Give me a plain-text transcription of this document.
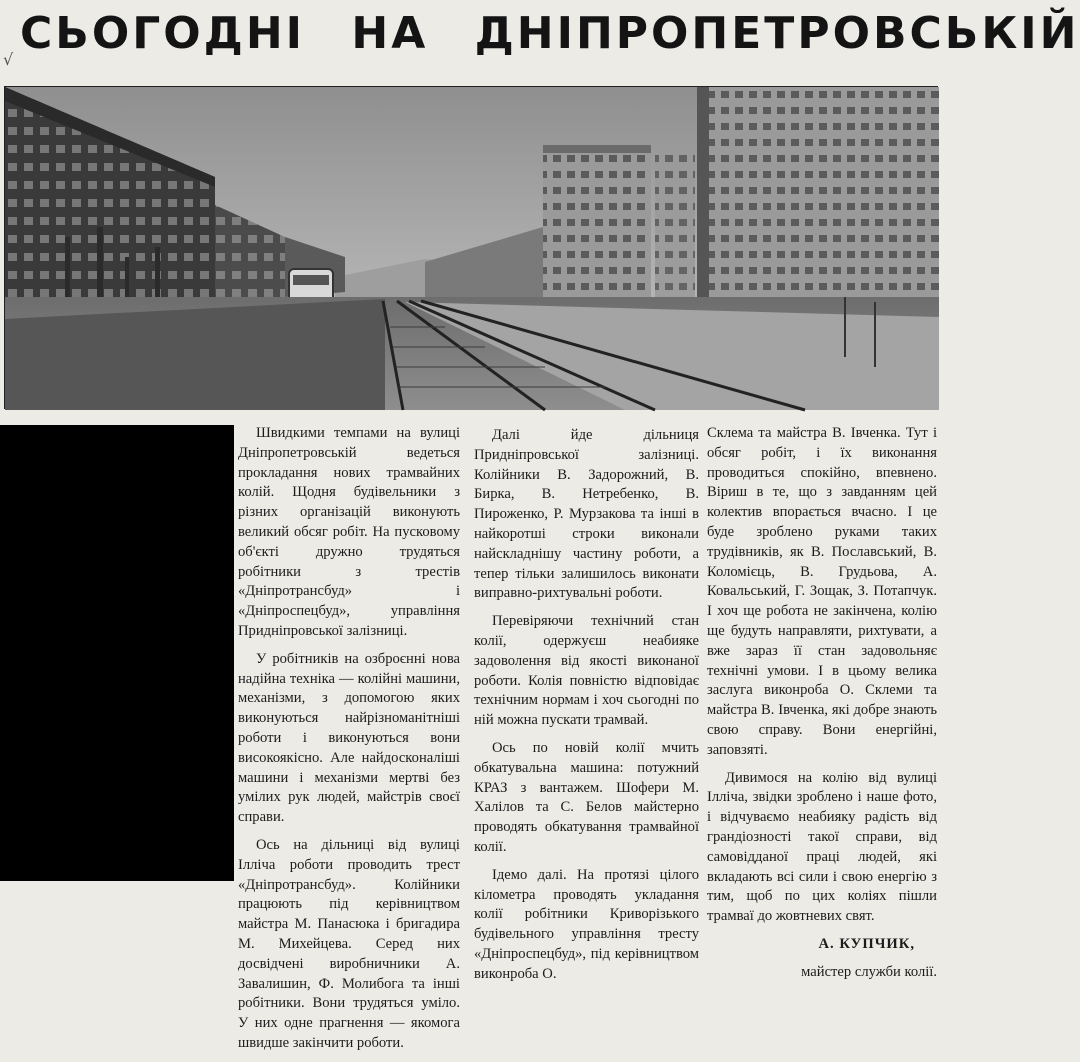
СЬОГОДНІ НА ДНІПРОПЕТРОВСЬКІЙ
√

Швидкими темпами на вулиці Дніпропетровській ведеться прокладання нових трамвайних колій. Щодня будівельники з різних організацій виконують великий обсяг робіт. На пусковому об'єкті дружно трудяться робітники з трестів «Дніпротрансбуд» і «Дніпроспецбуд», управління Придніпровської залізниці.

У робітників на озброєнні нова надійна техніка — колійні машини, механізми, з допомогою яких виконуються найрізноманітніші роботи і виконуються вони високоякісно. Але найдосконаліші машини і механізми мертві без умілих рук людей, майстрів своєї справи.

Ось на дільниці від вулиці Ілліча роботи проводить трест «Дніпротрансбуд». Колійники працюють під керівництвом майстра М. Панасюка і бригадира М. Михейцева. Серед них досвідчені виробничники А. Завалишин, Ф. Молибога та інші робітники. Вони трудяться уміло. У них одне прагнення — якомога швидше закінчити роботи.

Далі йде дільниця Придніпровської залізниці. Колійники В. Задорожний, В. Бирка, В. Нетребенко, В. Пироженко, Р. Мурзакова та інші в найкоротші строки виконали найскладнішу частину роботи, а тепер тільки залишилось виконати виправно-рихтувальні роботи.

Перевіряючи технічний стан колії, одержуєш неабияке задоволення від якості виконаної роботи. Колія повністю відповідає технічним нормам і хоч сьогодні по ній можна пускати трамвай.

Ось по новій колії мчить обкатувальна машина: потужний КРАЗ з вантажем. Шофери М. Халілов та С. Белов майстерно проводять обкатування трамвайної колії.

Ідемо далі. На протязі цілого кілометра проводять укладання колії робітники Криворізького будівельного управління тресту «Дніпроспецбуд», під керівництвом виконроба О.

Склема та майстра В. Івченка. Тут і обсяг робіт, і їх виконання проводиться спокійно, впевнено. Віриш в те, що з завданням цей колектив впорається вчасно. І це буде зроблено руками таких трудівників, як В. Пославський, В. Коломієць, В. Грудьова, А. Ковальський, Г. Зощак, З. Потапчук. І хоч ще робота не закінчена, колію ще будуть направляти, рихтувати, а вже зараз її стан задовольняє технічні умови. І в цьому велика заслуга виконроба О. Склеми та майстра В. Івченка, які добре знають свою справу. Вони енергійні, заповзяті.

Дивимося на колію від вулиці Ілліча, звідки зроблено і наше фото, і відчуваємо неабияку радість від грандіозності такої справи, від самовідданої праці людей, які вкладають всі сили і свою енергію з тим, щоб по цих коліях пішли трамваї до жовтневих свят.

А. КУПЧИК,

майстер служби колії.
